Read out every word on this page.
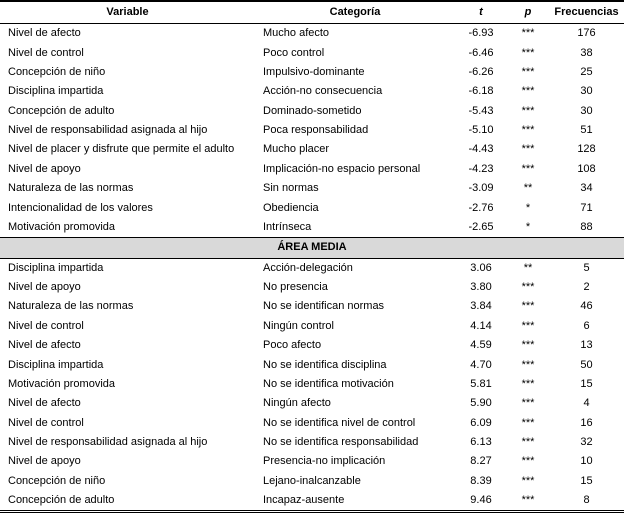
Variable	Categoría	t	p	Frecuencias
Nivel de afecto	Mucho afecto	-6.93	***	176
Nivel de control	Poco control	-6.46	***	38
Concepción de niño	Impulsivo-dominante	-6.26	***	25
Disciplina impartida	Acción-no consecuencia	-6.18	***	30
Concepción de adulto	Dominado-sometido	-5.43	***	30
Nivel de responsabilidad asignada al hijo	Poca responsabilidad	-5.10	***	51
Nivel de placer y disfrute que permite el adulto	Mucho placer	-4.43	***	128
Nivel de apoyo	Implicación-no espacio personal	-4.23	***	108
Naturaleza de las normas	Sin normas	-3.09	**	34
Intencionalidad de los valores	Obediencia	-2.76	*	71
Motivación promovida	Intrínseca	-2.65	*	88
ÁREA MEDIA				
Disciplina impartida	Acción-delegación	3.06	**	5
Nivel de apoyo	No presencia	3.80	***	2
Naturaleza de las normas	No se identifican normas	3.84	***	46
Nivel de control	Ningún control	4.14	***	6
Nivel de afecto	Poco afecto	4.59	***	13
Disciplina impartida	No se identifica disciplina	4.70	***	50
Motivación promovida	No se identifica motivación	5.81	***	15
Nivel de afecto	Ningún afecto	5.90	***	4
Nivel de control	No se identifica nivel de control	6.09	***	16
Nivel de responsabilidad asignada al hijo	No se identifica responsabilidad	6.13	***	32
Nivel de apoyo	Presencia-no implicación	8.27	***	10
Concepción de niño	Lejano-inalcanzable	8.39	***	15
Concepción de adulto	Incapaz-ausente	9.46	***	8
